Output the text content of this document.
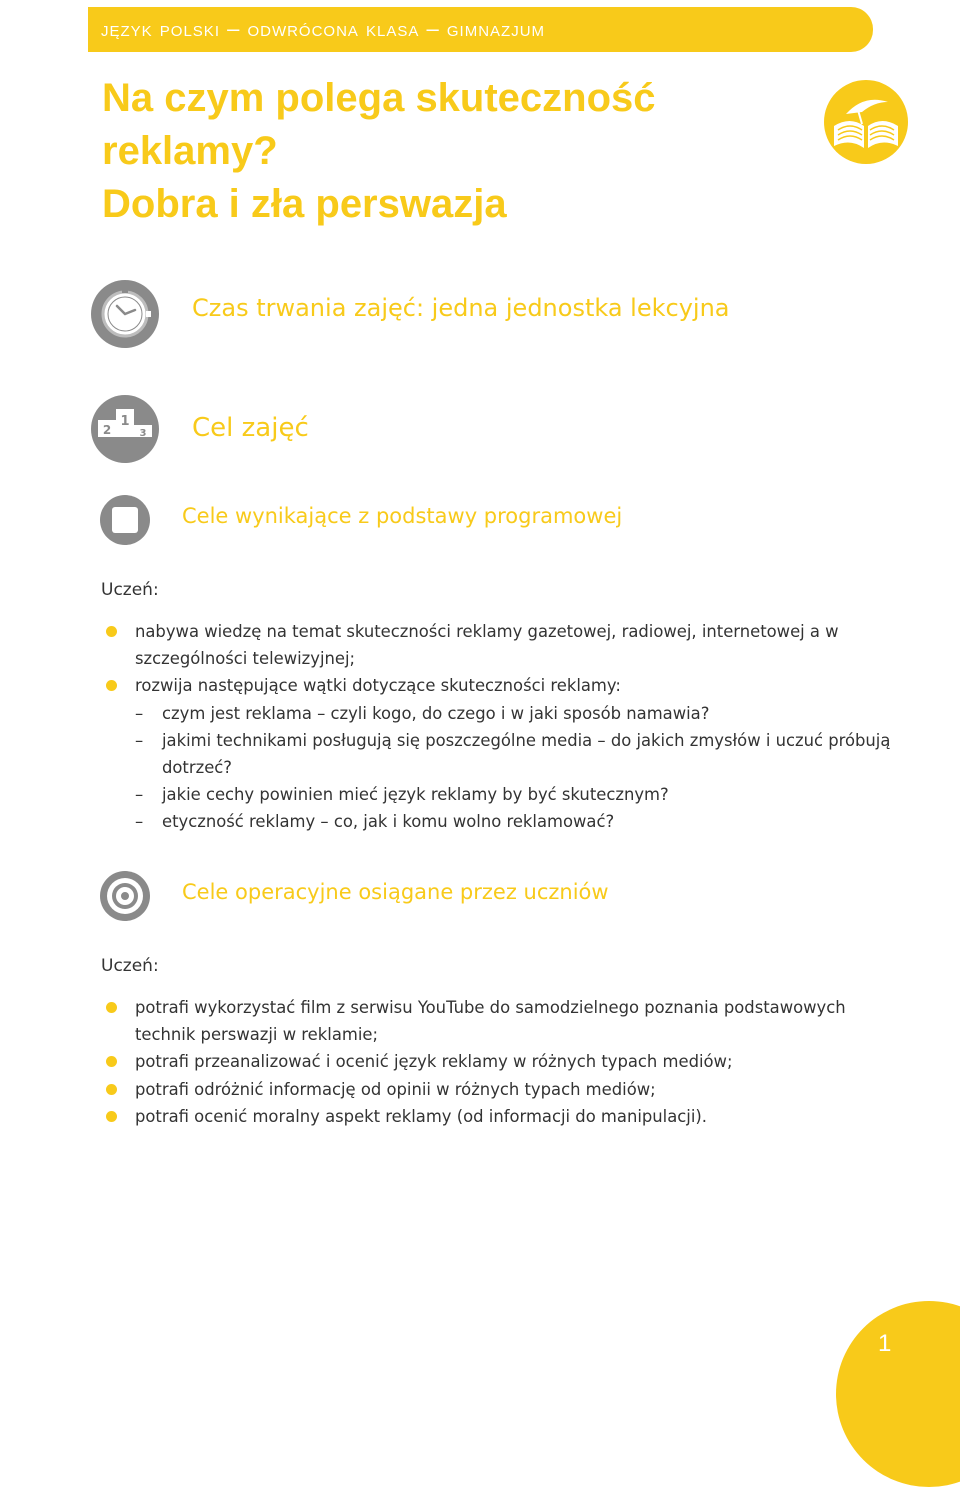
język polski – odwrócona klasa – gimnazjum
Na czym polega skuteczność reklamy?
Dobra i zła perswazja
Czas trwania zajęć: jedna jednostka lekcyjna
1
2	3 Cel zajęć
Cele wynikające z podstawy programowej
Uczeń:
nabywa wiedzę na temat skuteczności reklamy gazetowej, radiowej, internetowej a w szczególności telewizyjnej;
rozwija następujące wątki dotyczące skuteczności reklamy:
– czym jest reklama – czyli kogo, do czego i w jaki sposób namawia?
– jakimi technikami posługują się poszczególne media – do jakich zmysłów i uczuć próbują dotrzeć?
– jakie cechy powinien mieć język reklamy by być skutecznym?
– etyczność reklamy – co, jak i komu wolno reklamować?
Cele operacyjne osiągane przez uczniów
Uczeń:
potrafi wykorzystać film z serwisu YouTube do samodzielnego poznania podstawowych technik perswazji w reklamie;
potrafi przeanalizować i ocenić język reklamy w różnych typach mediów;
potrafi odróżnić informację od opinii w różnych typach mediów;
potrafi ocenić moralny aspekt reklamy (od informacji do manipulacji).
1
